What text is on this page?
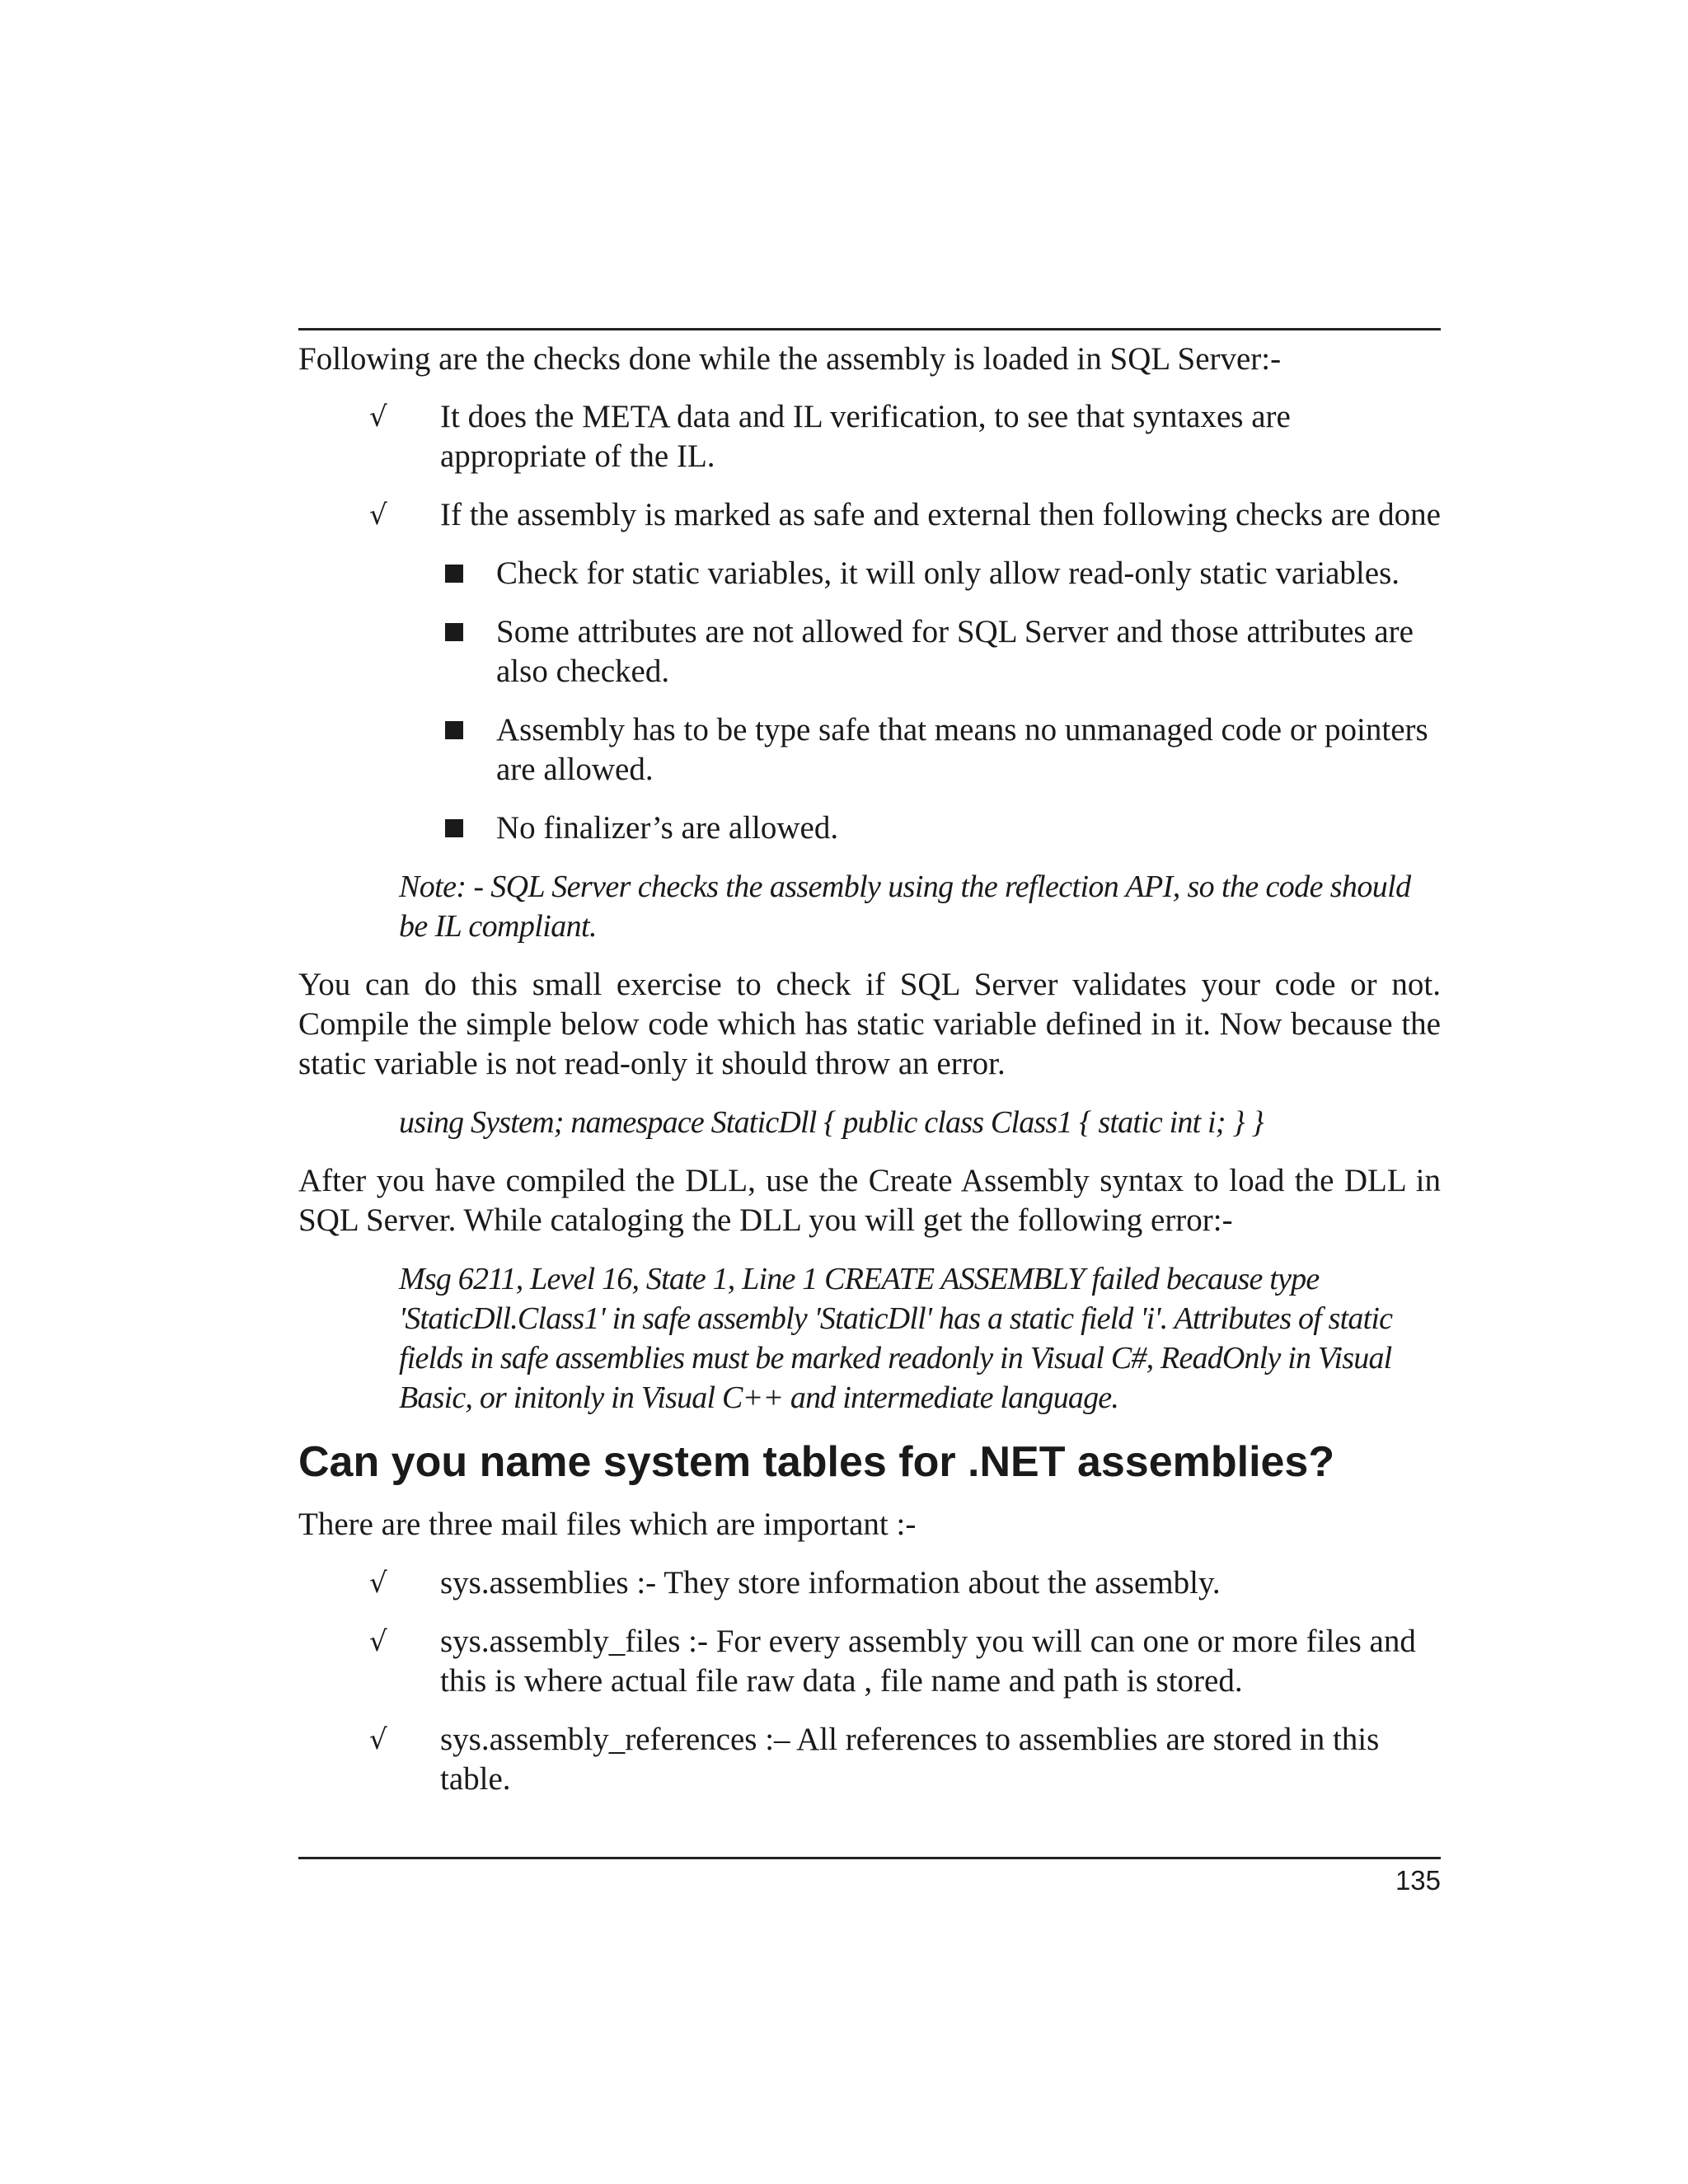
Following are the checks done while the assembly is loaded in SQL Server:-

√ It does the META data and IL verification, to see that syntaxes are appropriate of the IL.
√ If the assembly is marked as safe and external then following checks are done
Check for static variables, it will only allow read-only static variables.
Some attributes are not allowed for SQL Server and those attributes are also checked.
Assembly has to be type safe that means no unmanaged code or pointers are allowed.
No finalizer’s are allowed.

Note: - SQL Server checks the assembly using the reflection API, so the code should be IL compliant.

You can do this small exercise to check if SQL Server validates your code or not. Compile the simple below code which has static variable defined in it. Now because the static variable is not read-only it should throw an error.

using System; namespace StaticDll { public class Class1 { static int i; } }

After you have compiled the DLL, use the Create Assembly syntax to load the DLL in SQL Server. While cataloging the DLL you will get the following error:-

Msg 6211, Level 16, State 1, Line 1 CREATE ASSEMBLY failed because type 'StaticDll.Class1' in safe assembly 'StaticDll' has a static field 'i'. Attributes of static fields in safe assemblies must be marked readonly in Visual C#, ReadOnly in Visual Basic, or initonly in Visual C++ and intermediate language.

Can you name system tables for .NET assemblies?

There are three mail files which are important :-

√ sys.assemblies :- They store information about the assembly.
√ sys.assembly_files :- For every assembly you will can one or more files and this is where actual file raw data , file name and path is stored.
√ sys.assembly_references :– All references to assemblies are stored in this table.
135
